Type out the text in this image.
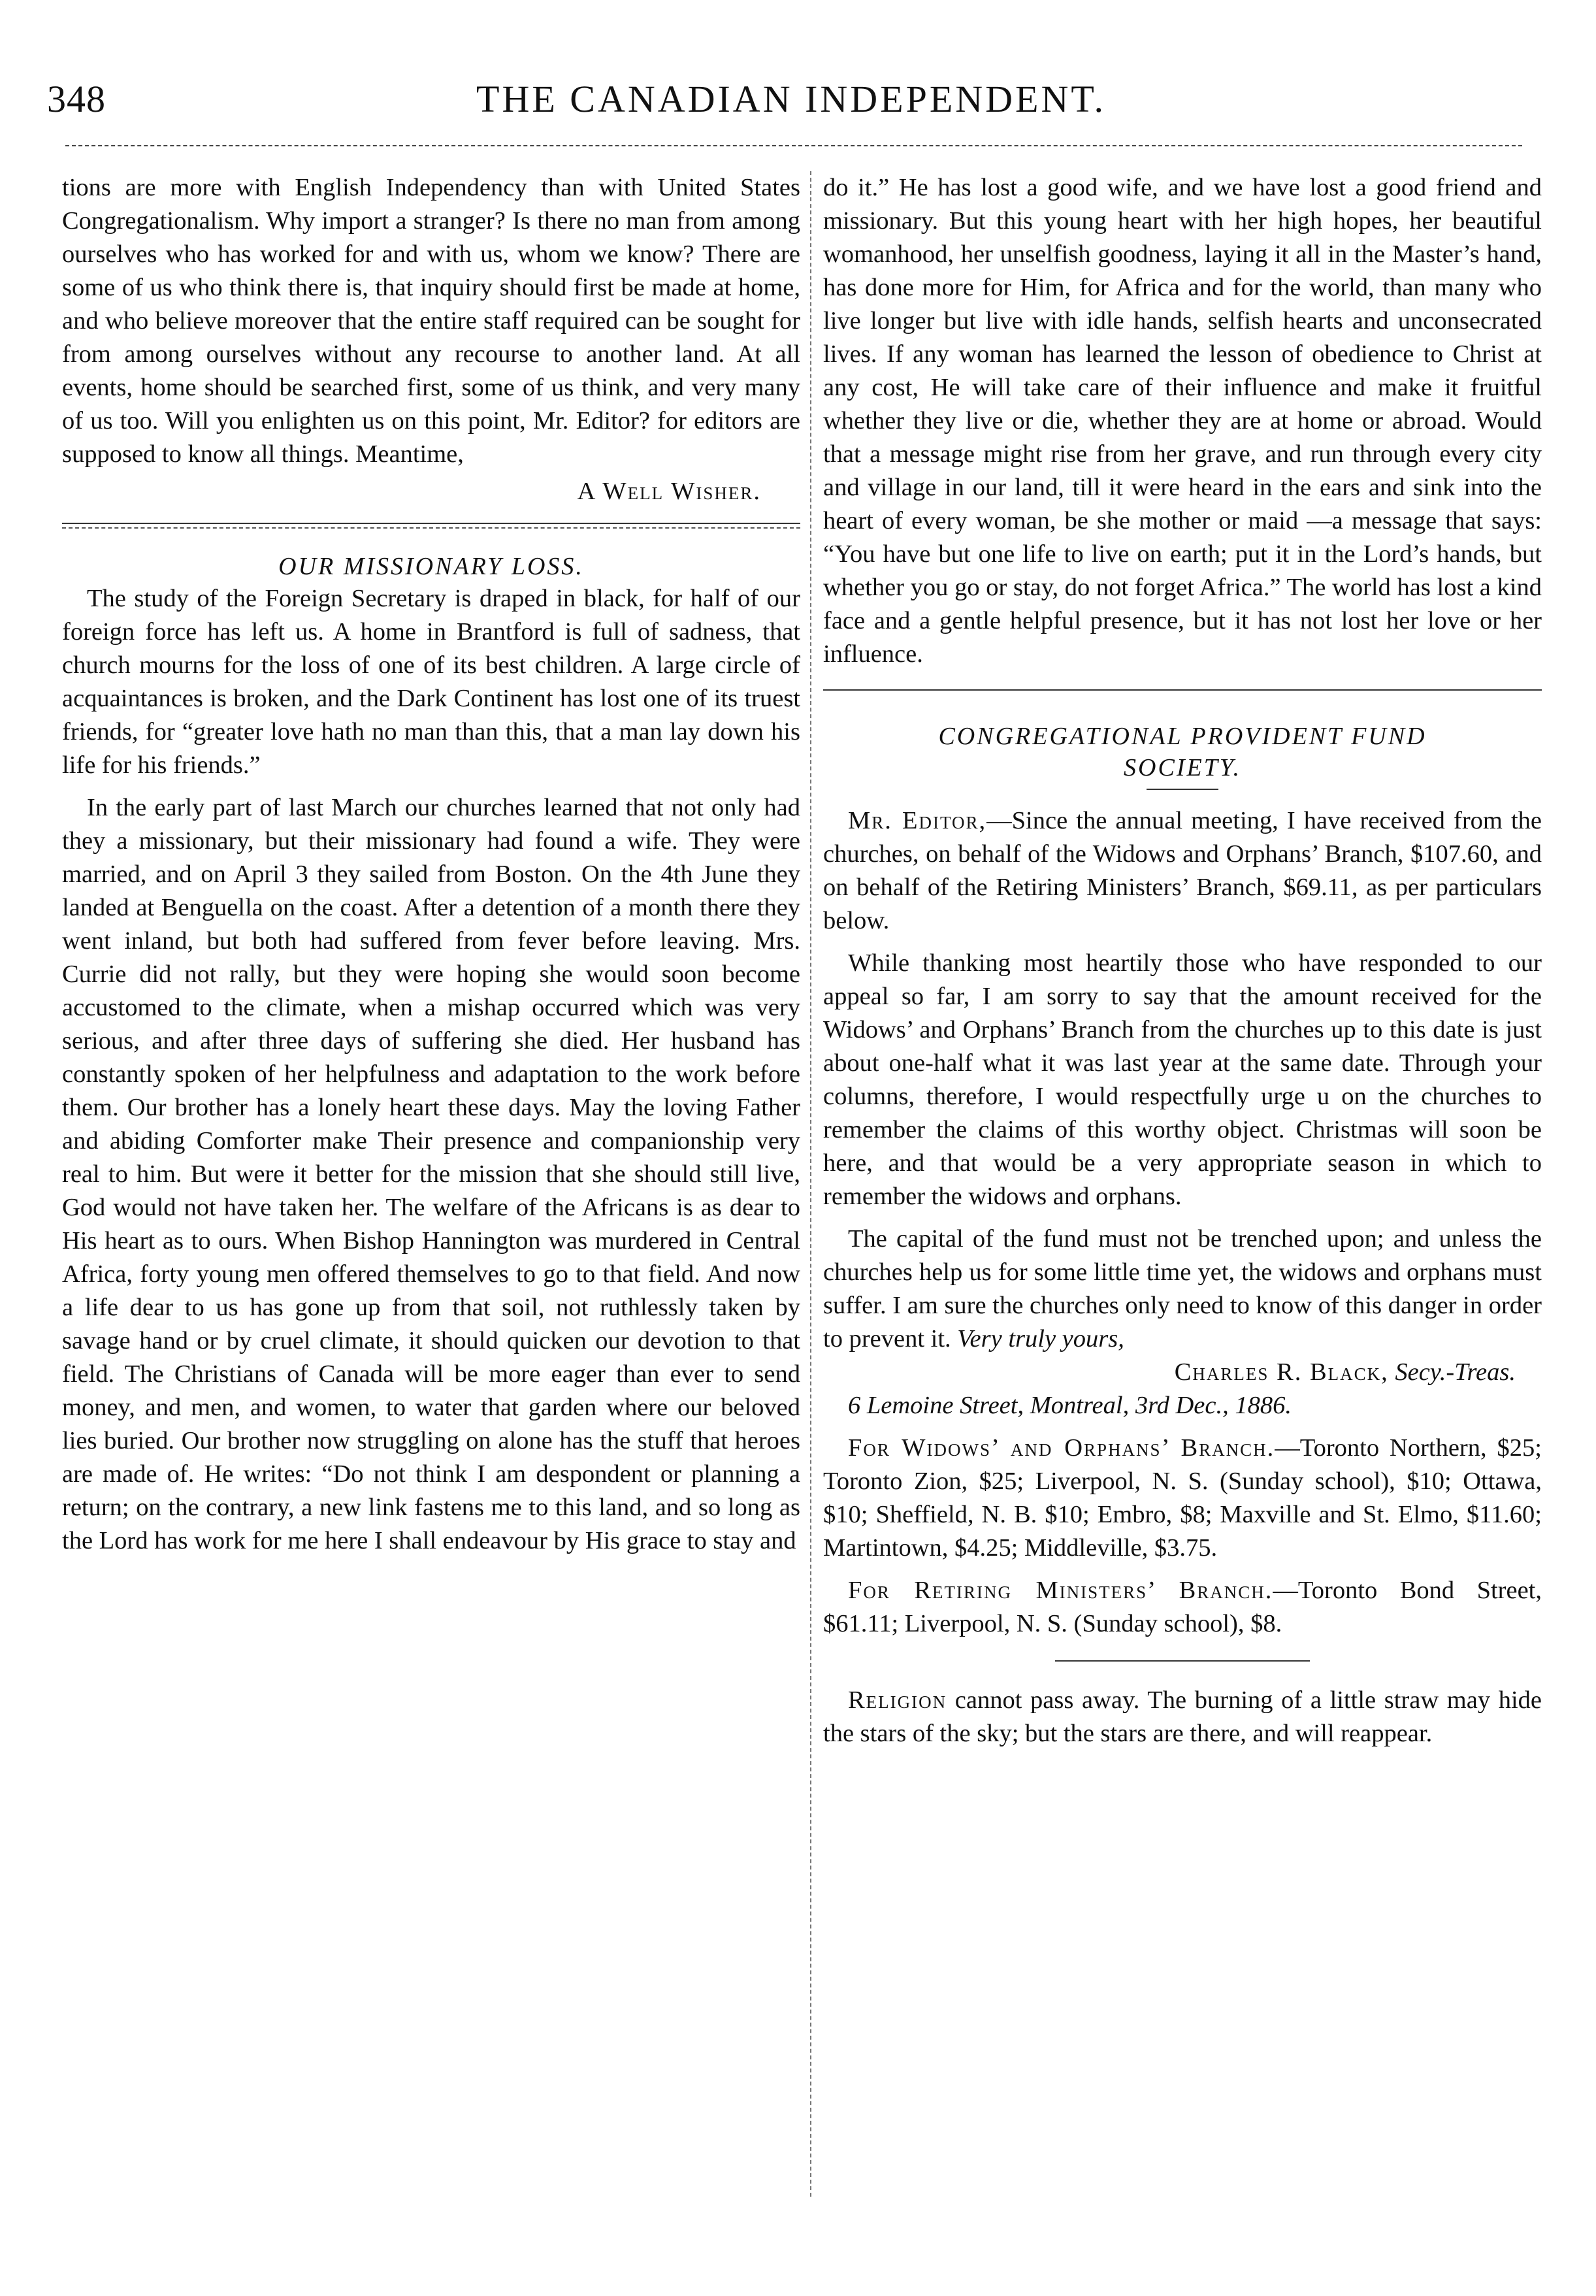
348	THE CANADIAN INDEPENDENT.

tions are more with English Independency than with United States Congregationalism. Why import a stranger? Is there no man from among ourselves who has worked for and with us, whom we know? There are some of us who think there is, that inquiry should first be made at home, and who believe moreover that the entire staff required can be sought for from among ourselves without any recourse to another land. At all events, home should be searched first, some of us think, and very many of us too. Will you enlighten us on this point, Mr. Editor? for editors are supposed to know all things. Meantime,

A Well Wisher.

OUR MISSIONARY LOSS.

The study of the Foreign Secretary is draped in black, for half of our foreign force has left us. A home in Brantford is full of sadness, that church mourns for the loss of one of its best children. A large circle of acquaintances is broken, and the Dark Continent has lost one of its truest friends, for “greater love hath no man than this, that a man lay down his life for his friends.”

In the early part of last March our churches learned that not only had they a missionary, but their missionary had found a wife. They were married, and on April 3 they sailed from Boston. On the 4th June they landed at Benguella on the coast. After a detention of a month there they went inland, but both had suffered from fever before leaving. Mrs. Currie did not rally, but they were hoping she would soon become accustomed to the climate, when a mishap occurred which was very serious, and after three days of suffering she died. Her husband has constantly spoken of her helpfulness and adaptation to the work before them. Our brother has a lonely heart these days. May the loving Father and abiding Comforter make Their presence and companionship very real to him. But were it better for the mission that she should still live, God would not have taken her. The welfare of the Africans is as dear to His heart as to ours. When Bishop Hannington was murdered in Central Africa, forty young men offered themselves to go to that field. And now a life dear to us has gone up from that soil, not ruthlessly taken by savage hand or by cruel climate, it should quicken our devotion to that field. The Christians of Canada will be more eager than ever to send money, and men, and women, to water that garden where our beloved lies buried. Our brother now struggling on alone has the stuff that heroes are made of. He writes: “Do not think I am despondent or planning a return; on the contrary, a new link fastens me to this land, and so long as the Lord has work for me here I shall endeavour by His grace to stay and

do it.” He has lost a good wife, and we have lost a good friend and missionary. But this young heart with her high hopes, her beautiful womanhood, her unselfish goodness, laying it all in the Master’s hand, has done more for Him, for Africa and for the world, than many who live longer but live with idle hands, selfish hearts and unconsecrated lives. If any woman has learned the lesson of obedience to Christ at any cost, He will take care of their influence and make it fruitful whether they live or die, whether they are at home or abroad. Would that a message might rise from her grave, and run through every city and village in our land, till it were heard in the ears and sink into the heart of every woman, be she mother or maid —a message that says: “You have but one life to live on earth; put it in the Lord’s hands, but whether you go or stay, do not forget Africa.” The world has lost a kind face and a gentle helpful presence, but it has not lost her love or her influence.

CONGREGATIONAL PROVIDENT FUND

SOCIETY.

Mr. Editor,—Since the annual meeting, I have received from the churches, on behalf of the Widows and Orphans’ Branch, $107.60, and on behalf of the Retiring Ministers’ Branch, $69.11, as per particulars below.

While thanking most heartily those who have responded to our appeal so far, I am sorry to say that the amount received for the Widows’ and Orphans’ Branch from the churches up to this date is just about one-half what it was last year at the same date. Through your columns, therefore, I would respectfully urge u on the churches to remember the claims of this worthy object. Christmas will soon be here, and that would be a very appropriate season in which to remember the widows and orphans.

The capital of the fund must not be trenched upon; and unless the churches help us for some little time yet, the widows and orphans must suffer. I am sure the churches only need to know of this danger in order to prevent it. Very truly yours,

Charles R. Black, Secy.-Treas.

6 Lemoine Street, Montreal, 3rd Dec., 1886.

For Widows’ and Orphans’ Branch.—Toronto Northern, $25; Toronto Zion, $25; Liverpool, N. S. (Sunday school), $10; Ottawa, $10; Sheffield, N. B. $10; Embro, $8; Maxville and St. Elmo, $11.60; Martintown, $4.25; Middleville, $3.75.

For Retiring Ministers’ Branch.—Toronto Bond Street, $61.11; Liverpool, N. S. (Sunday school), $8.

Religion cannot pass away. The burning of a little straw may hide the stars of the sky; but the stars are there, and will reappear.
